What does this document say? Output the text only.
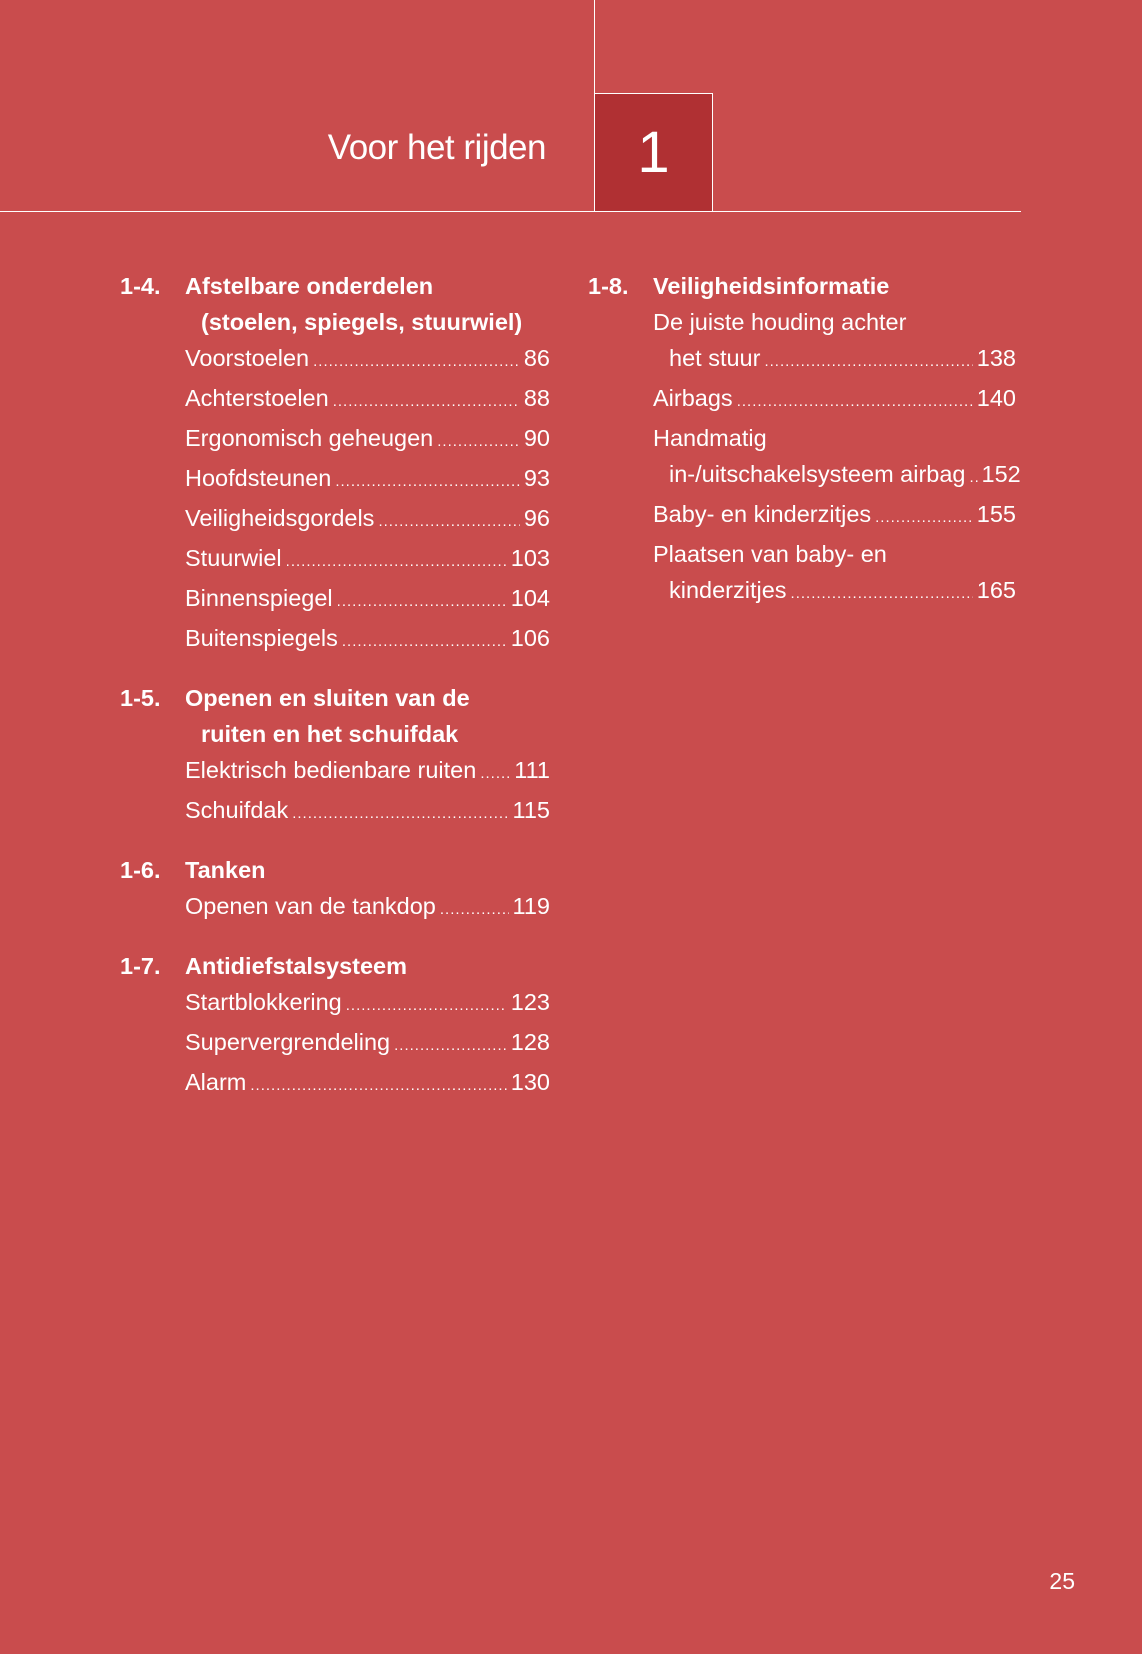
Voor het rijden 1
1-4.	Afstelbare onderdelen
(stoelen, spiegels, stuurwiel)
Voorstoelen .....	86
Achterstoelen .....	88
Ergonomisch geheugen .....	90
Hoofdsteunen .....	93
Veiligheidsgordels .....	96
Stuurwiel .....	103
Binnenspiegel .....	104
Buitenspiegels .....	106
1-5.	Openen en sluiten van de
ruiten en het schuifdak
Elektrisch bedienbare ruiten ..... 111
Schuifdak .....	115
1-6.	Tanken
Openen van de tankdop .....	119
1-7.	Antidiefstalsysteem
Startblokkering .....	123
Supervergrendeling .....	128
Alarm .....	130
1-8.	Veiligheidsinformatie
De juiste houding achter
het stuur .....	138
Airbags .....	140
Handmatig
in-/uitschakelsysteem airbag ..... 152
Baby- en kinderzitjes .....	155
Plaatsen van baby- en
kinderzitjes .....	165
25
